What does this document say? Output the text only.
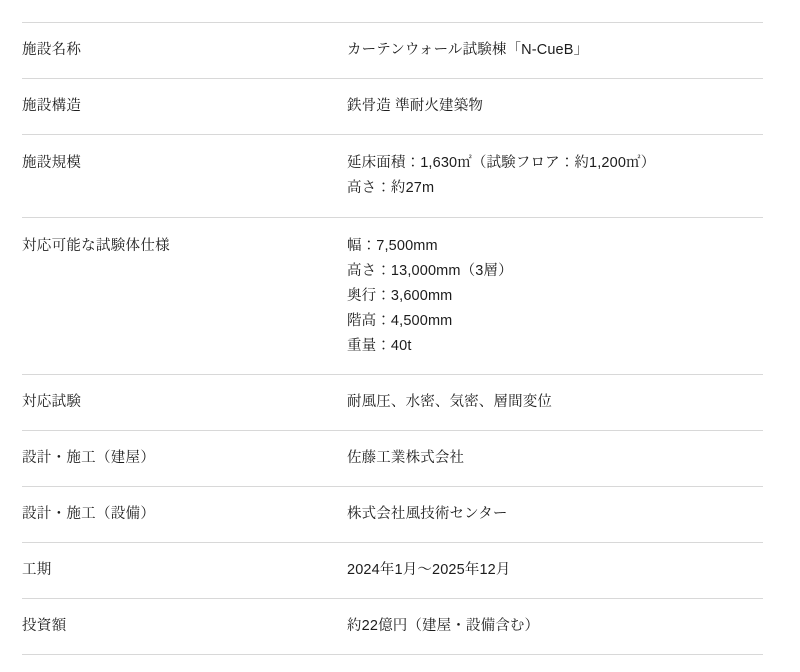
施設名称	カーテンウォール試験棟「N-CueB」

施設構造	鉄骨造 準耐火建築物

施設規模	延床面積：1,630㎡（試験フロア：約1,200㎡）
高さ：約27m

対応可能な試験体仕様	幅：7,500mm
高さ：13,000mm（3層）
奥行：3,600mm
階高：4,500mm
重量：40t

対応試験	耐風圧、水密、気密、層間変位

設計・施工（建屋）	佐藤工業株式会社

設計・施工（設備）	株式会社風技術センター

工期	2024年1月〜2025年12月

投資額	約22億円（建屋・設備含む）
